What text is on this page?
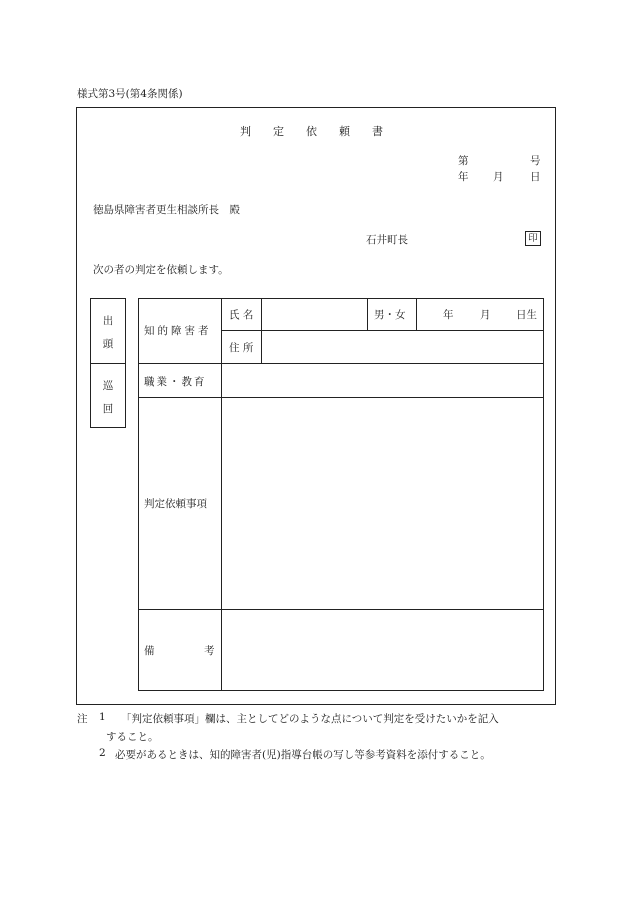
様式第3号(第4条関係)
判 定 依 頼 書
第	号
年 月	日
徳島県障害者更生相談所長　殿
石井町長	印
次の者の判定を依頼します。
出
頭
巡
回
知的障害者
氏 名	男・女	年	月 日生
住 所
職業・教育
判定依頼事項
備	考
注 1 「判定依頼事項」欄は、主としてどのような点について判定を受けたいかを記入
すること。
2 必要があるときは、知的障害者(児)指導台帳の写し等参考資料を添付すること。
